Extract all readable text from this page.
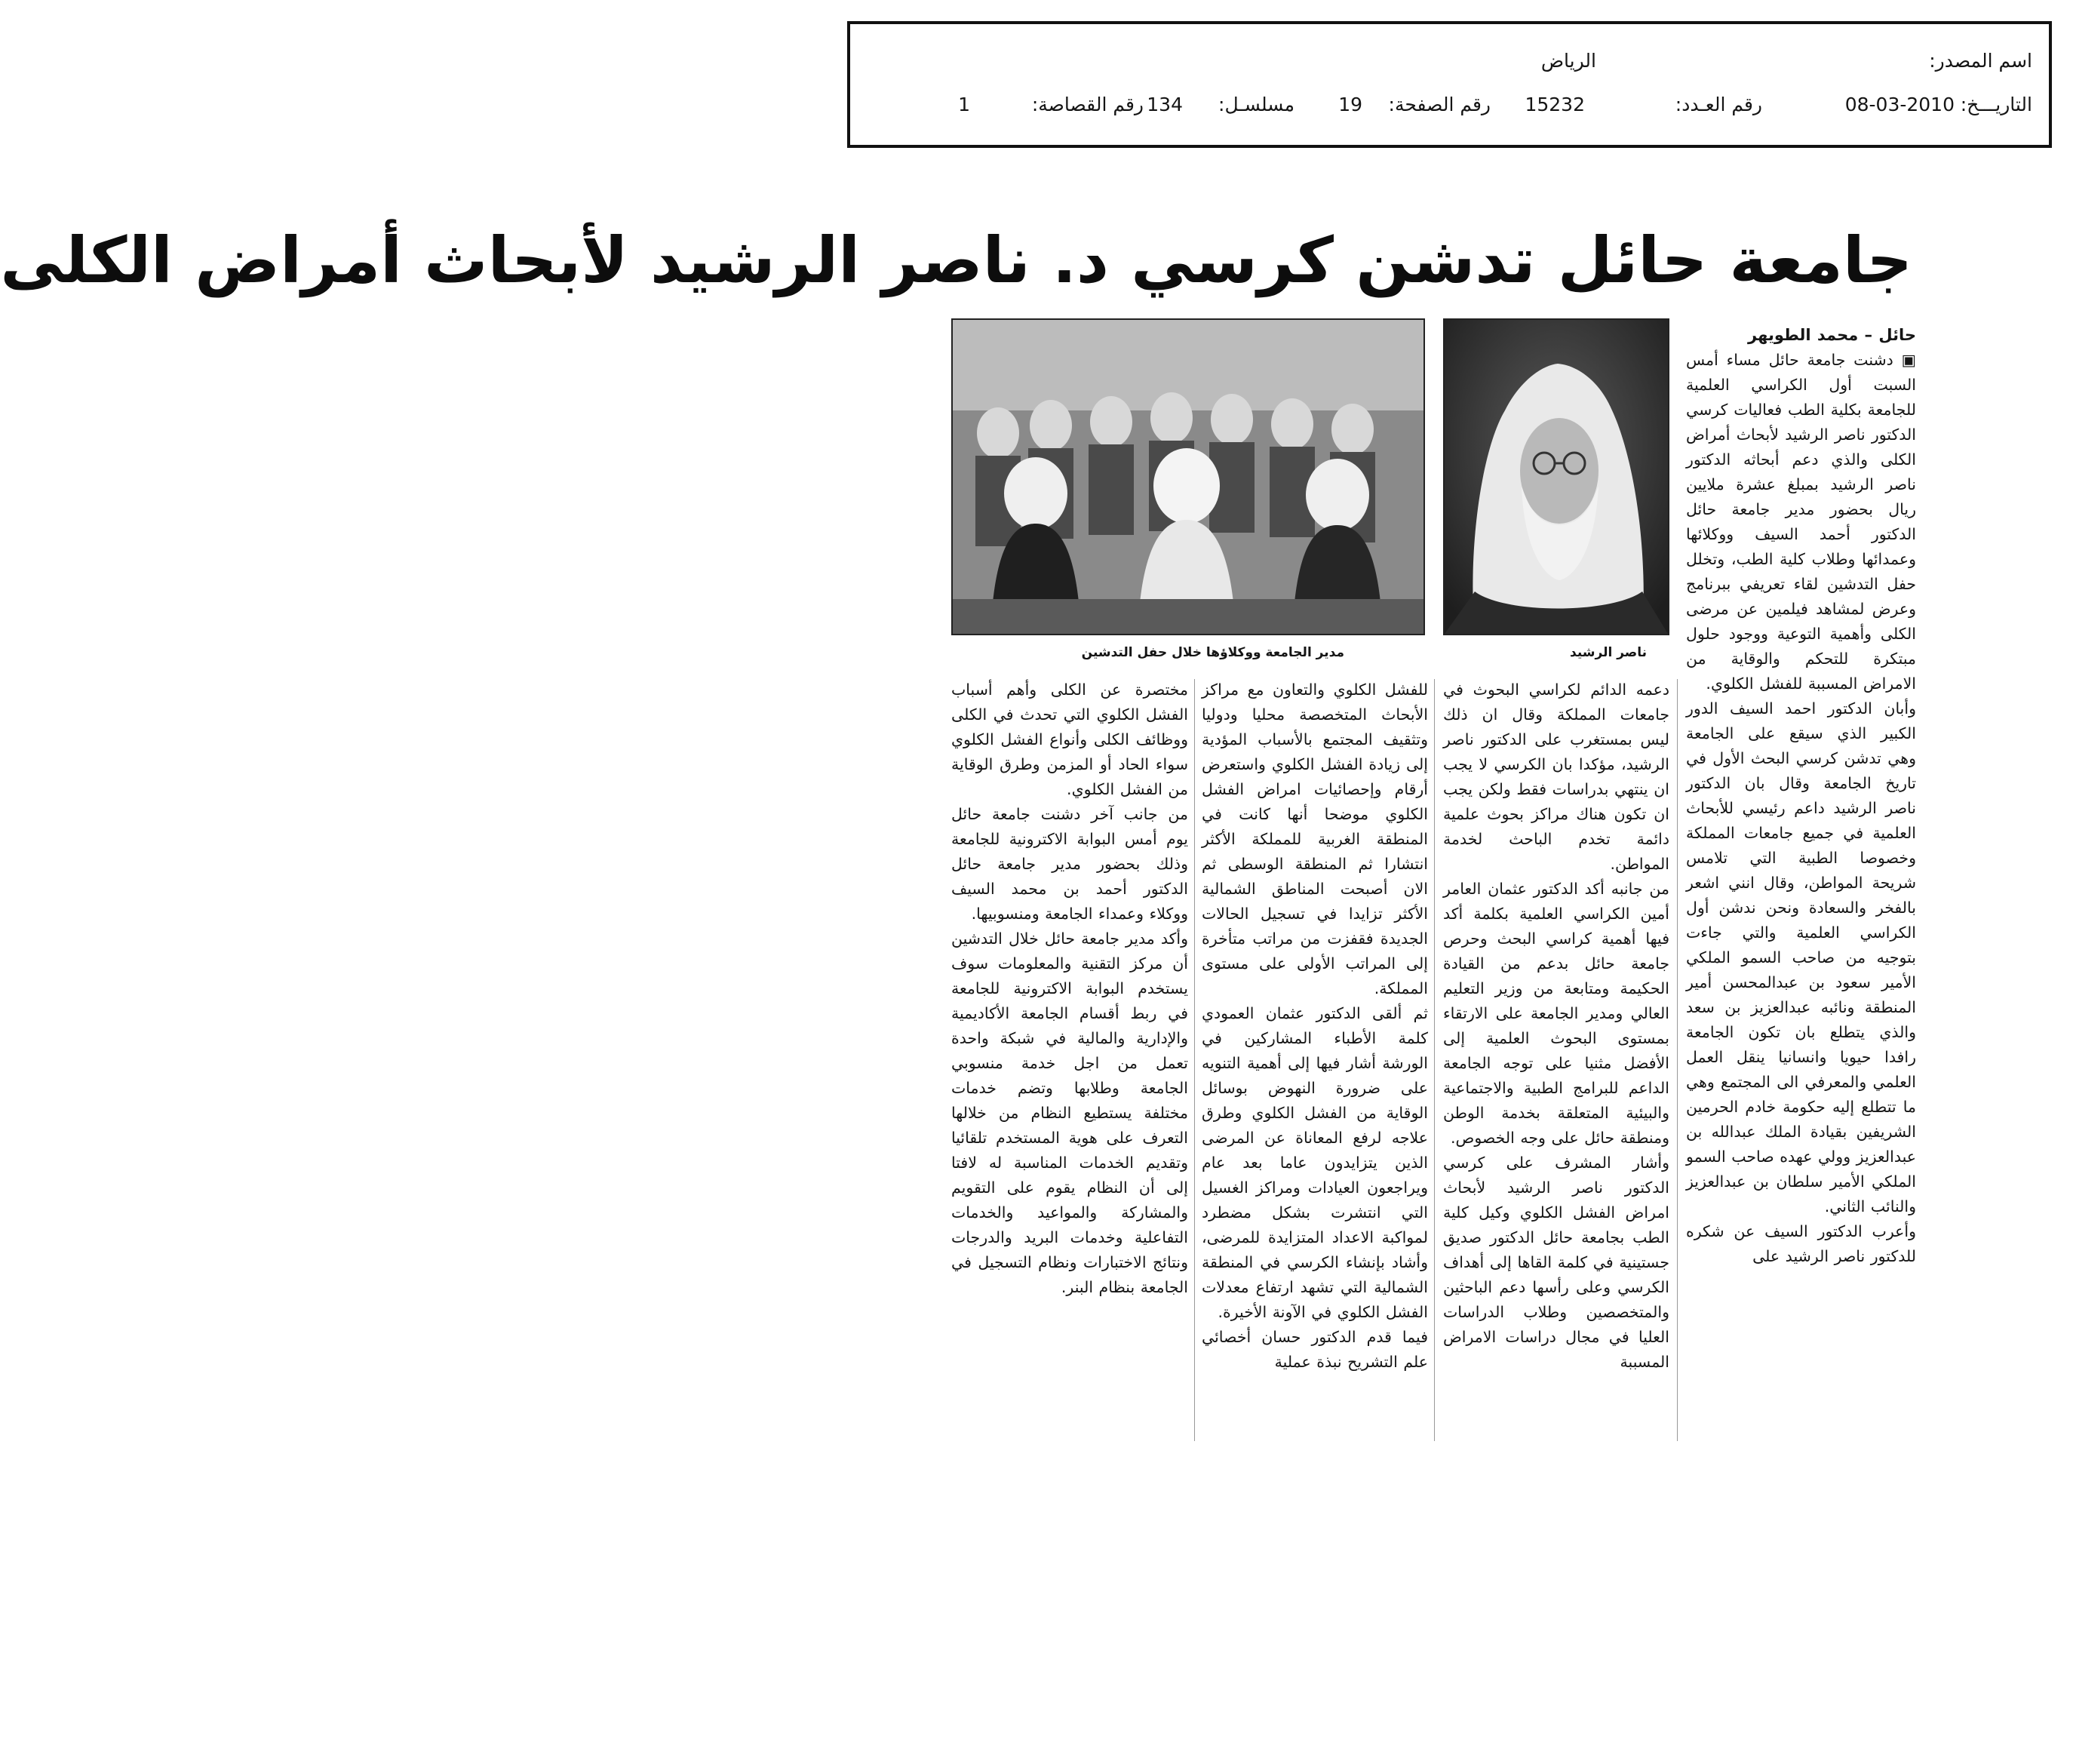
اسم المصدر:
الرياض
التاريـــخ:
08-03-2010
رقم العـدد:
15232
رقم الصفحة:
19
مسلسـل:
134
رقم القصاصة:
1
جامعة حائل تدشن كرسي د. ناصر الرشيد لأبحاث أمراض الكلى
ناصر الرشيد
مدير الجامعة ووكلاؤها خلال حفل التدشين

حائل – محمد الطويهر

▣ دشنت جامعة حائل مساء أمس السبت أول الكراسي العلمية للجامعة بكلية الطب فعاليات كرسي الدكتور ناصر الرشيد لأبحاث أمراض الكلى والذي دعم أبحاثه الدكتور ناصر الرشيد بمبلغ عشرة ملايين ريال بحضور مدير جامعة حائل الدكتور أحمد السيف ووكلائها وعمدائها وطلاب كلية الطب، وتخلل حفل التدشين لقاء تعريفي ببرنامج وعرض لمشاهد فيلمين عن مرضى الكلى وأهمية التوعية ووجود حلول مبتكرة للتحكم والوقاية من الامراض المسببة للفشل الكلوي.

وأبان الدكتور احمد السيف الدور الكبير الذي سيقع على الجامعة وهي تدشن كرسي البحث الأول في تاريخ الجامعة وقال بان الدكتور ناصر الرشيد داعم رئيسي للأبحاث العلمية في جميع جامعات المملكة وخصوصا الطبية التي تلامس شريحة المواطن، وقال انني اشعر بالفخر والسعادة ونحن ندشن أول الكراسي العلمية والتي جاءت بتوجيه من صاحب السمو الملكي الأمير سعود بن عبدالمحسن أمير المنطقة ونائبه عبدالعزيز بن سعد والذي يتطلع بان تكون الجامعة رافدا حيويا وانسانيا ينقل العمل العلمي والمعرفي الى المجتمع وهي ما تتطلع إليه حكومة خادم الحرمين الشريفين بقيادة الملك عبدالله بن عبدالعزيز وولي عهده صاحب السمو الملكي الأمير سلطان بن عبدالعزيز والنائب الثاني.

وأعرب الدكتور السيف عن شكره للدكتور ناصر الرشيد على

دعمه الدائم لكراسي البحوث في جامعات المملكة وقال ان ذلك ليس بمستغرب على الدكتور ناصر الرشيد، مؤكدا بان الكرسي لا يجب ان ينتهي بدراسات فقط ولكن يجب ان تكون هناك مراكز بحوث علمية دائمة تخدم الباحث لخدمة المواطن.

من جانبه أكد الدكتور عثمان العامر أمين الكراسي العلمية بكلمة أكد فيها أهمية كراسي البحث وحرص جامعة حائل بدعم من القيادة الحكيمة ومتابعة من وزير التعليم العالي ومدير الجامعة على الارتقاء بمستوى البحوث العلمية إلى الأفضل مثنيا على توجه الجامعة الداعم للبرامج الطبية والاجتماعية والبيئية المتعلقة بخدمة الوطن ومنطقة حائل على وجه الخصوص.

وأشار المشرف على كرسي الدكتور ناصر الرشيد لأبحاث امراض الفشل الكلوي وكيل كلية الطب بجامعة حائل الدكتور صديق جستينية في كلمة القاها إلى أهداف الكرسي وعلى رأسها دعم الباحثين والمتخصصين وطلاب الدراسات العليا في مجال دراسات الامراض المسببة

للفشل الكلوي والتعاون مع مراكز الأبحاث المتخصصة محليا ودوليا وتثقيف المجتمع بالأسباب المؤدية إلى زيادة الفشل الكلوي واستعرض أرقام وإحصائيات امراض الفشل الكلوي موضحا أنها كانت في المنطقة الغربية للمملكة الأكثر انتشارا ثم المنطقة الوسطى ثم الان أصبحت المناطق الشمالية الأكثر تزايدا في تسجيل الحالات الجديدة فقفزت من مراتب متأخرة إلى المراتب الأولى على مستوى المملكة.

ثم ألقى الدكتور عثمان العمودي كلمة الأطباء المشاركين في الورشة أشار فيها إلى أهمية التنويه على ضرورة النهوض بوسائل الوقاية من الفشل الكلوي وطرق علاجه لرفع المعاناة عن المرضى الذين يتزايدون عاما بعد عام ويراجعون العيادات ومراكز الغسيل التي انتشرت بشكل مضطرد لمواكبة الاعداد المتزايدة للمرضى، وأشاد بإنشاء الكرسي في المنطقة الشمالية التي تشهد ارتفاع معدلات الفشل الكلوي في الآونة الأخيرة.

فيما قدم الدكتور حسان أخصائي علم التشريح نبذة عملية

مختصرة عن الكلى وأهم أسباب الفشل الكلوي التي تحدث في الكلى ووظائف الكلى وأنواع الفشل الكلوي سواء الحاد أو المزمن وطرق الوقاية من الفشل الكلوي.

من جانب آخر دشنت جامعة حائل يوم أمس البوابة الاكترونية للجامعة وذلك بحضور مدير جامعة حائل الدكتور أحمد بن محمد السيف ووكلاء وعمداء الجامعة ومنسوبيها.

وأكد مدير جامعة حائل خلال التدشين أن مركز التقنية والمعلومات سوف يستخدم البوابة الاكترونية للجامعة في ربط أقسام الجامعة الأكاديمية والإدارية والمالية في شبكة واحدة تعمل من اجل خدمة منسوبي الجامعة وطلابها وتضم خدمات مختلفة يستطيع النظام من خلالها التعرف على هوية المستخدم تلقائيا وتقديم الخدمات المناسبة له لافتا إلى أن النظام يقوم على التقويم والمشاركة والمواعيد والخدمات التفاعلية وخدمات البريد والدرجات ونتائج الاختبارات ونظام التسجيل في الجامعة بنظام البنر.
